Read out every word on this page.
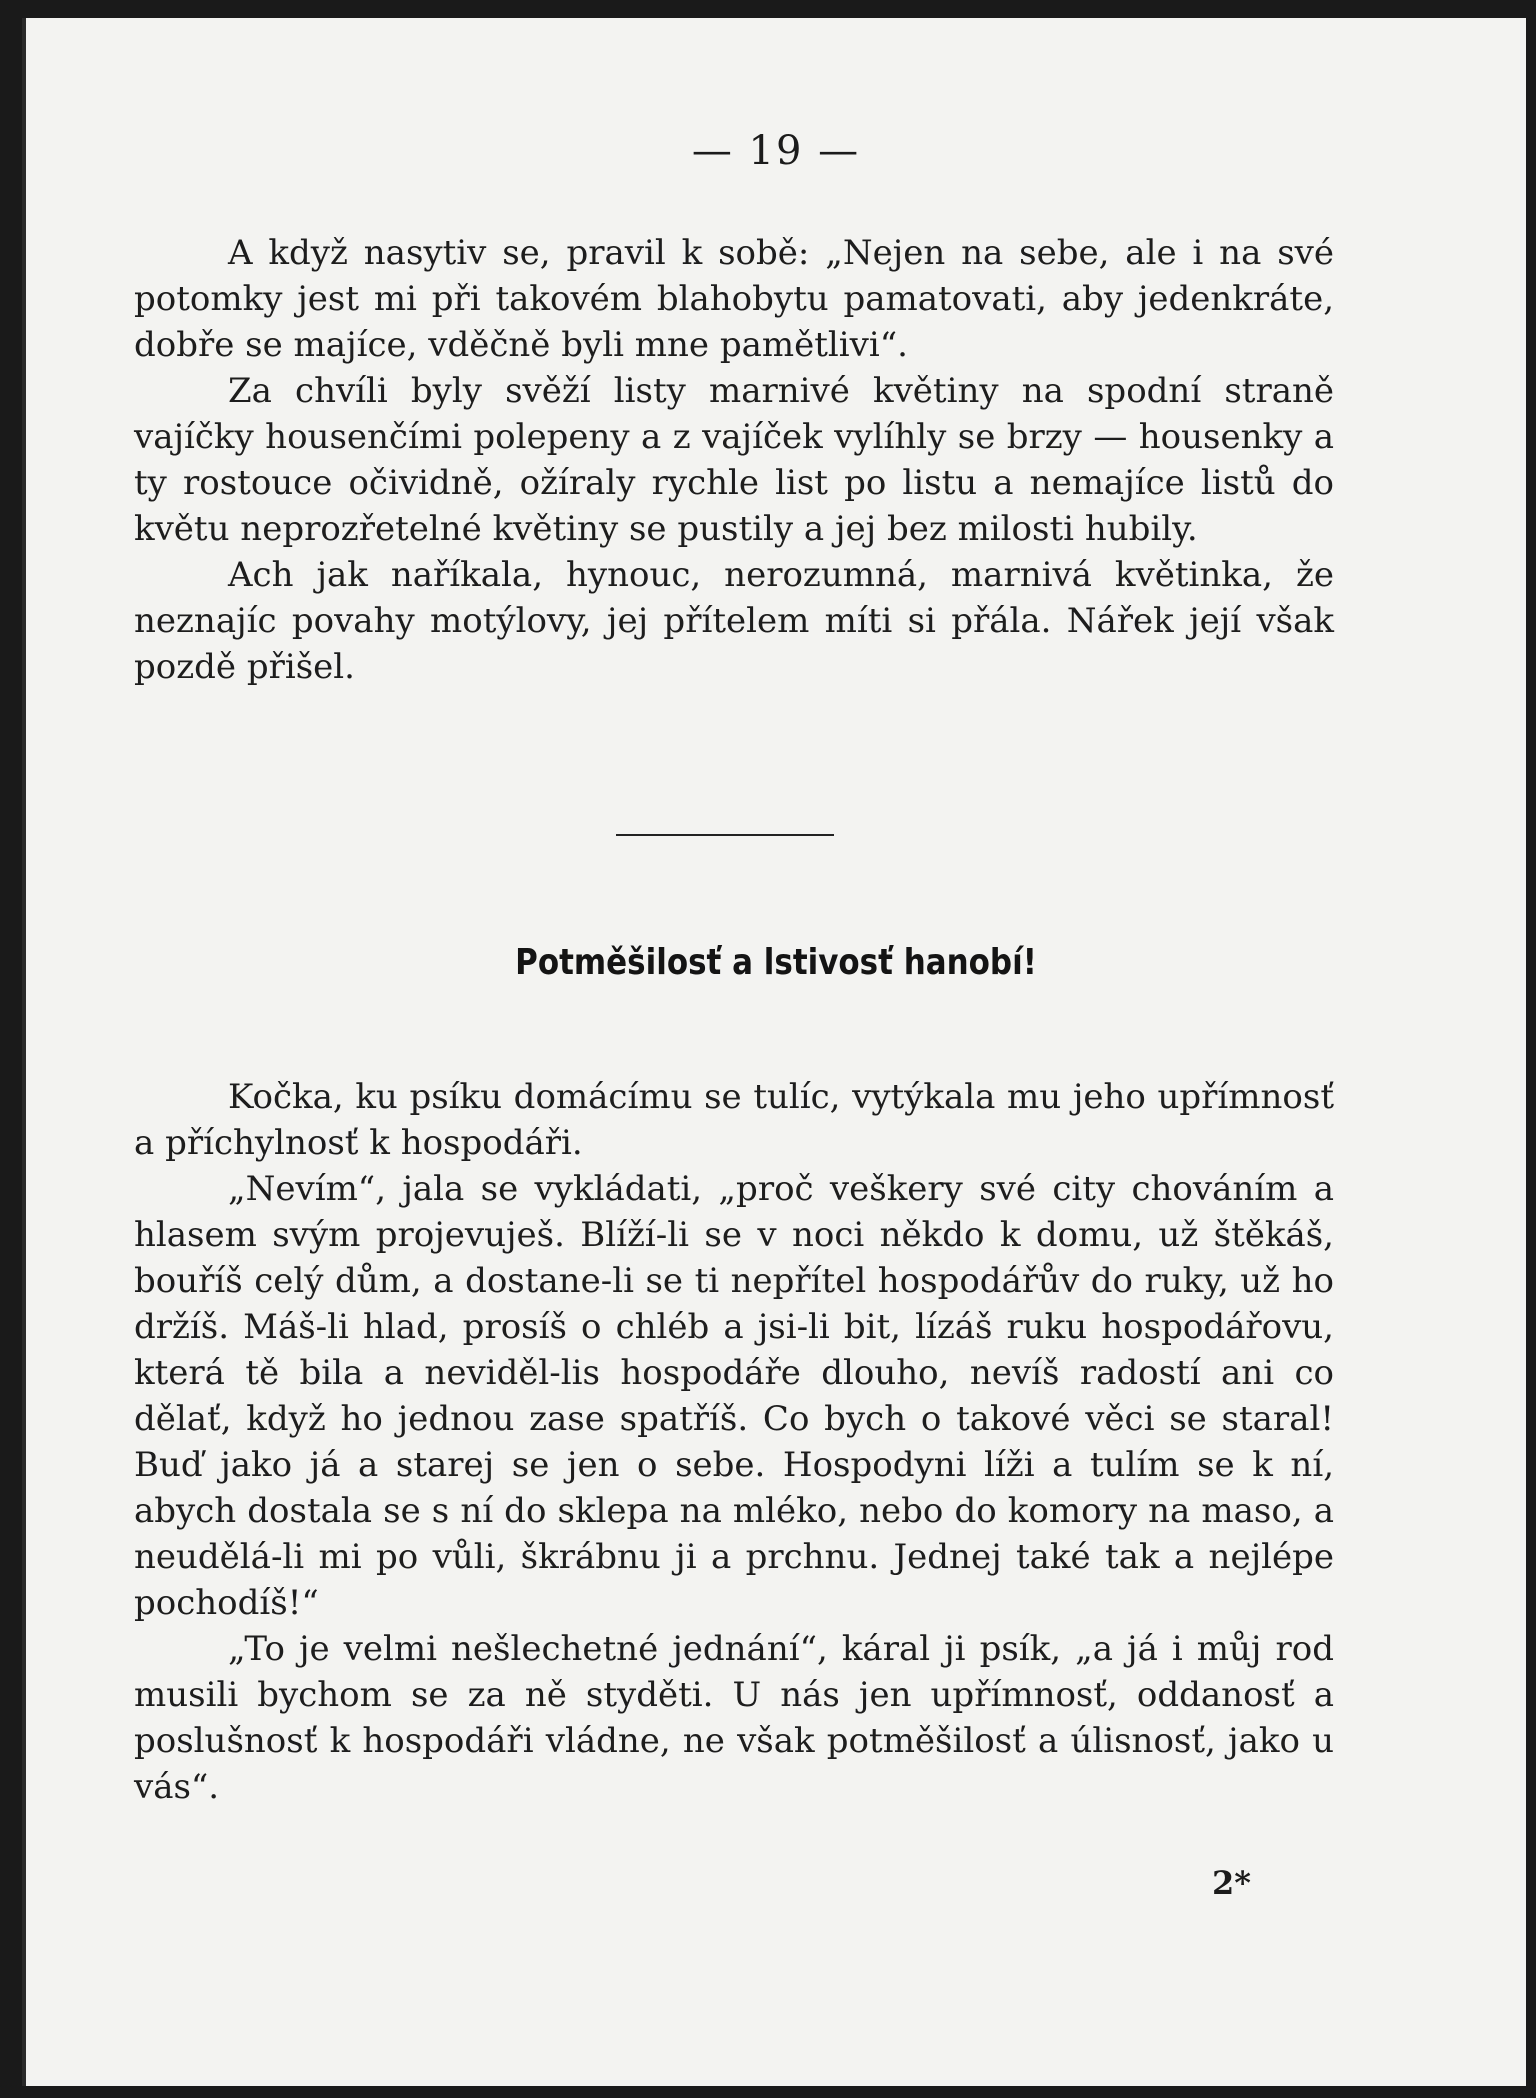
— 19 —

A když nasytiv se, pravil k sobě: „Nejen na sebe, ale i na své potomky jest mi při takovém blahobytu pamatovati, aby jedenkráte, dobře se majíce, vděčně byli mne pamětlivi“.

Za chvíli byly svěží listy marnivé květiny na spodní straně vajíčky housenčími polepeny a z vajíček vylíhly se brzy — housenky a ty rostouce očividně, ožíraly rychle list po listu a nemajíce listů do květu neprozřetelné květiny se pustily a jej bez milosti hubily.

Ach jak naříkala, hynouc, nerozumná, marnivá květinka, že neznajíc povahy motýlovy, jej přítelem míti si přála. Nářek její však pozdě přišel.

Potměšilosť a lstivosť hanobí!

Kočka, ku psíku domácímu se tulíc, vytýkala mu jeho upřímnosť a příchylnosť k hospodáři.

„Nevím“, jala se vykládati, „proč veškery své city chováním a hlasem svým projevuješ. Blíží-li se v noci někdo k domu, už štěkáš, bouříš celý dům, a dostane-li se ti nepřítel hospodářův do ruky, už ho držíš. Máš-li hlad, prosíš o chléb a jsi-li bit, lízáš ruku hospodářovu, která tě bila a neviděl-lis hospodáře dlouho, nevíš radostí ani co dělať, když ho jednou zase spatříš. Co bych o takové věci se staral! Buď jako já a starej se jen o sebe. Hospodyni líži a tulím se k ní, abych dostala se s ní do sklepa na mléko, nebo do komory na maso, a neudělá-li mi po vůli, škrábnu ji a prchnu. Jednej také tak a nejlépe pochodíš!“

„To je velmi nešlechetné jednání“, káral ji psík, „a já i můj rod musili bychom se za ně styděti. U nás jen upřímnosť, oddanosť a poslušnosť k hospodáři vládne, ne však potměšilosť a úlisnosť, jako u vás“.

2*
